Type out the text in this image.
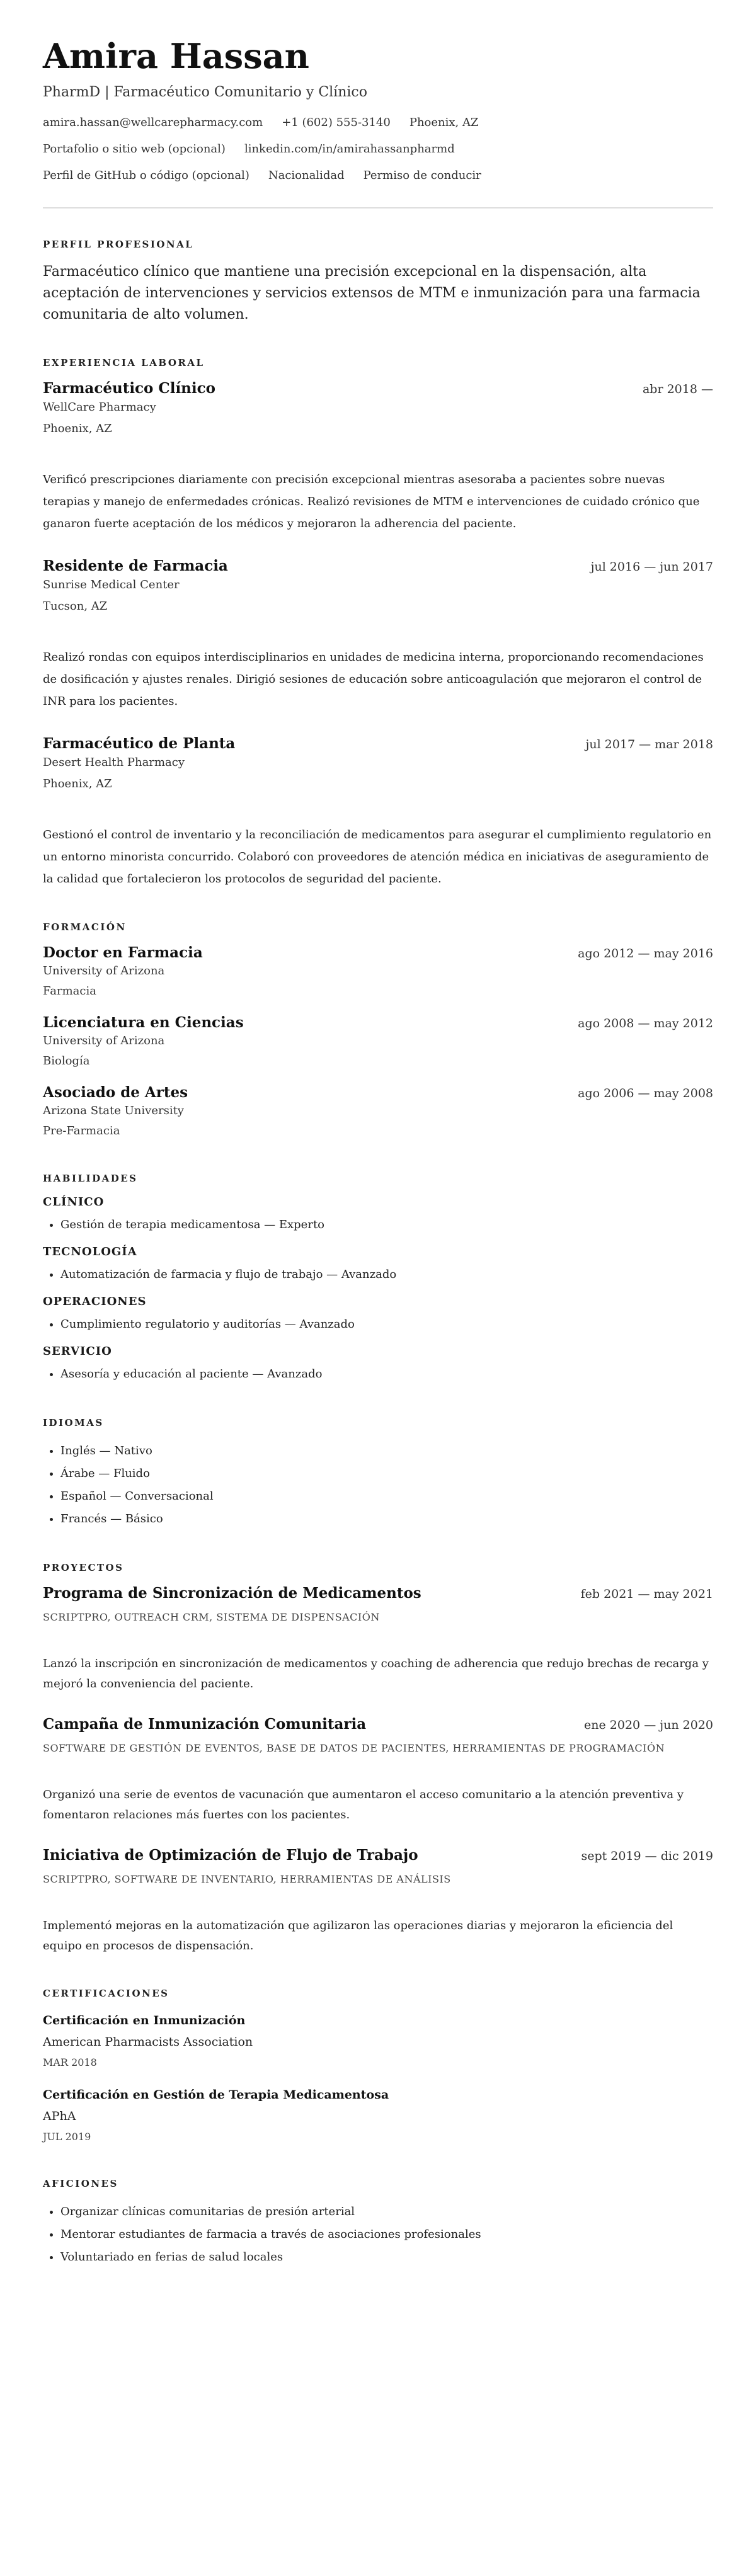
Amira Hassan
PharmD | Farmacéutico Comunitario y Clínico
amira.hassan@wellcarepharmacy.com +1 (602) 555-3140 Phoenix, AZ
Portafolio o sitio web (opcional) linkedin.com/in/amirahassanpharmd
Perfil de GitHub o código (opcional) Nacionalidad Permiso de conducir
PERFIL PROFESIONAL
Farmacéutico clínico que mantiene una precisión excepcional en la dispensación, alta aceptación de intervenciones y servicios extensos de MTM e inmunización para una farmacia comunitaria de alto volumen.
EXPERIENCIA LABORAL
Farmacéutico Clínico	abr 2018 —
WellCare Pharmacy
Phoenix, AZ
Verificó prescripciones diariamente con precisión excepcional mientras asesoraba a pacientes sobre nuevas terapias y manejo de enfermedades crónicas. Realizó revisiones de MTM e intervenciones de cuidado crónico que ganaron fuerte aceptación de los médicos y mejoraron la adherencia del paciente.
Residente de Farmacia	jul 2016 — jun 2017
Sunrise Medical Center
Tucson, AZ
Realizó rondas con equipos interdisciplinarios en unidades de medicina interna, proporcionando recomendaciones de dosificación y ajustes renales. Dirigió sesiones de educación sobre anticoagulación que mejoraron el control de INR para los pacientes.
Farmacéutico de Planta	jul 2017 — mar 2018
Desert Health Pharmacy
Phoenix, AZ
Gestionó el control de inventario y la reconciliación de medicamentos para asegurar el cumplimiento regulatorio en un entorno minorista concurrido. Colaboró con proveedores de atención médica en iniciativas de aseguramiento de la calidad que fortalecieron los protocolos de seguridad del paciente.
FORMACIÓN
Doctor en Farmacia	ago 2012 — may 2016
University of Arizona
Farmacia
Licenciatura en Ciencias	ago 2008 — may 2012
University of Arizona
Biología
Asociado de Artes	ago 2006 — may 2008
Arizona State University
Pre-Farmacia
HABILIDADES
CLÍNICO
• Gestión de terapia medicamentosa — Experto
TECNOLOGÍA
• Automatización de farmacia y flujo de trabajo — Avanzado
OPERACIONES
• Cumplimiento regulatorio y auditorías — Avanzado
SERVICIO
• Asesoría y educación al paciente — Avanzado
IDIOMAS
• Inglés — Nativo
• Árabe — Fluido
• Español — Conversacional
• Francés — Básico
PROYECTOS
Programa de Sincronización de Medicamentos	feb 2021 — may 2021
SCRIPTPRO, OUTREACH CRM, SISTEMA DE DISPENSACIÓN
Lanzó la inscripción en sincronización de medicamentos y coaching de adherencia que redujo brechas de recarga y mejoró la conveniencia del paciente.
Campaña de Inmunización Comunitaria	ene 2020 — jun 2020
SOFTWARE DE GESTIÓN DE EVENTOS, BASE DE DATOS DE PACIENTES, HERRAMIENTAS DE PROGRAMACIÓN
Organizó una serie de eventos de vacunación que aumentaron el acceso comunitario a la atención preventiva y fomentaron relaciones más fuertes con los pacientes.
Iniciativa de Optimización de Flujo de Trabajo	sept 2019 — dic 2019
SCRIPTPRO, SOFTWARE DE INVENTARIO, HERRAMIENTAS DE ANÁLISIS
Implementó mejoras en la automatización que agilizaron las operaciones diarias y mejoraron la eficiencia del equipo en procesos de dispensación.
CERTIFICACIONES
Certificación en Inmunización
American Pharmacists Association
MAR 2018
Certificación en Gestión de Terapia Medicamentosa
APhA
JUL 2019
AFICIONES
• Organizar clínicas comunitarias de presión arterial
• Mentorar estudiantes de farmacia a través de asociaciones profesionales
• Voluntariado en ferias de salud locales
